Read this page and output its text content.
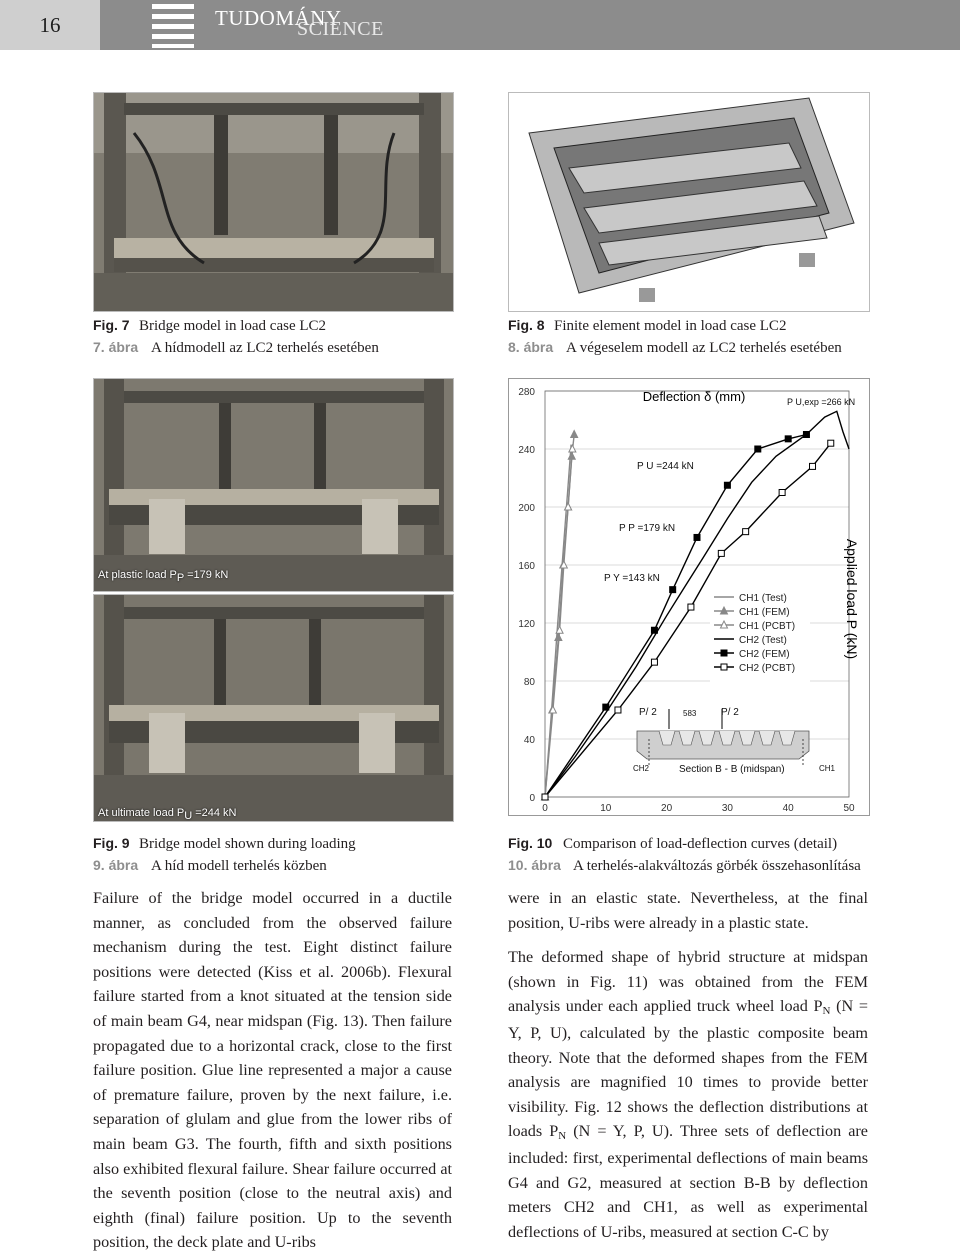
16	TUDOMÁNY
SCIENCE
Fig. 7 Bridge model in load case LC2
7. ábra A hídmodell az LC2 terhelés esetében
Fig. 8 Finite element model in load case LC2
8. ábra A végeselem modell az LC2 terhelés esetében
At plastic load PP =179 kN
At ultimate load PU =244 kN
0
40
80
120
160
200
240
280
0	10	20	30	40	50
CH1 (Test)
CH1 (FEM)
CH1 (PCBT)
CH2 (Test)
CH2 (FEM)
CH2 (PCBT)
P U,exp =266 kN
P U =244 kN
P P =179 kN
P Y =143 kN
P/ 2	583 P/ 2
Section B - B (midspan)
CH2	CH1
Deflection δ (mm)
Applied load P (kN)
Fig. 9 Bridge model shown during loading
9. ábra A híd modell terhelés közben
Fig. 10 Comparison of load-deflection curves (detail)
10. ábra A terhelés-alakváltozás görbék összehasonlítása

Failure of the bridge model occurred in a ductile manner, as concluded from the observed failure mechanism during the test. Eight distinct failure positions were detected (Kiss et al. 2006b). Flexural failure started from a knot situated at the tension side of main beam G4, near midspan (Fig. 13). Then failure propagated due to a horizontal crack, close to the first failure position. Glue line represented a major a cause of premature failure, proven by the next failure, i.e. separation of glulam and glue from the lower ribs of main beam G3. The fourth, fifth and sixth positions also exhibited flexural failure. Shear failure occurred at the seventh position (close to the neutral axis) and eighth (final) failure position. Up to the seventh position, the deck plate and U-ribs

were in an elastic state. Nevertheless, at the final position, U-ribs were already in a plastic state.

The deformed shape of hybrid structure at midspan (shown in Fig. 11) was obtained from the FEM analysis under each applied truck wheel load PN (N = Y, P, U), calculated by the plastic composite beam theory. Note that the deformed shapes from the FEM analysis are magnified 10 times to provide better visibility. Fig. 12 shows the deflection distributions at loads PN (N = Y, P, U). Three sets of deflection are included: first, experimental deflections of main beams G4 and G2, measured at section B-B by deflection meters CH2 and CH1, as well as experimental deflections of U-ribs, measured at section C-C by
